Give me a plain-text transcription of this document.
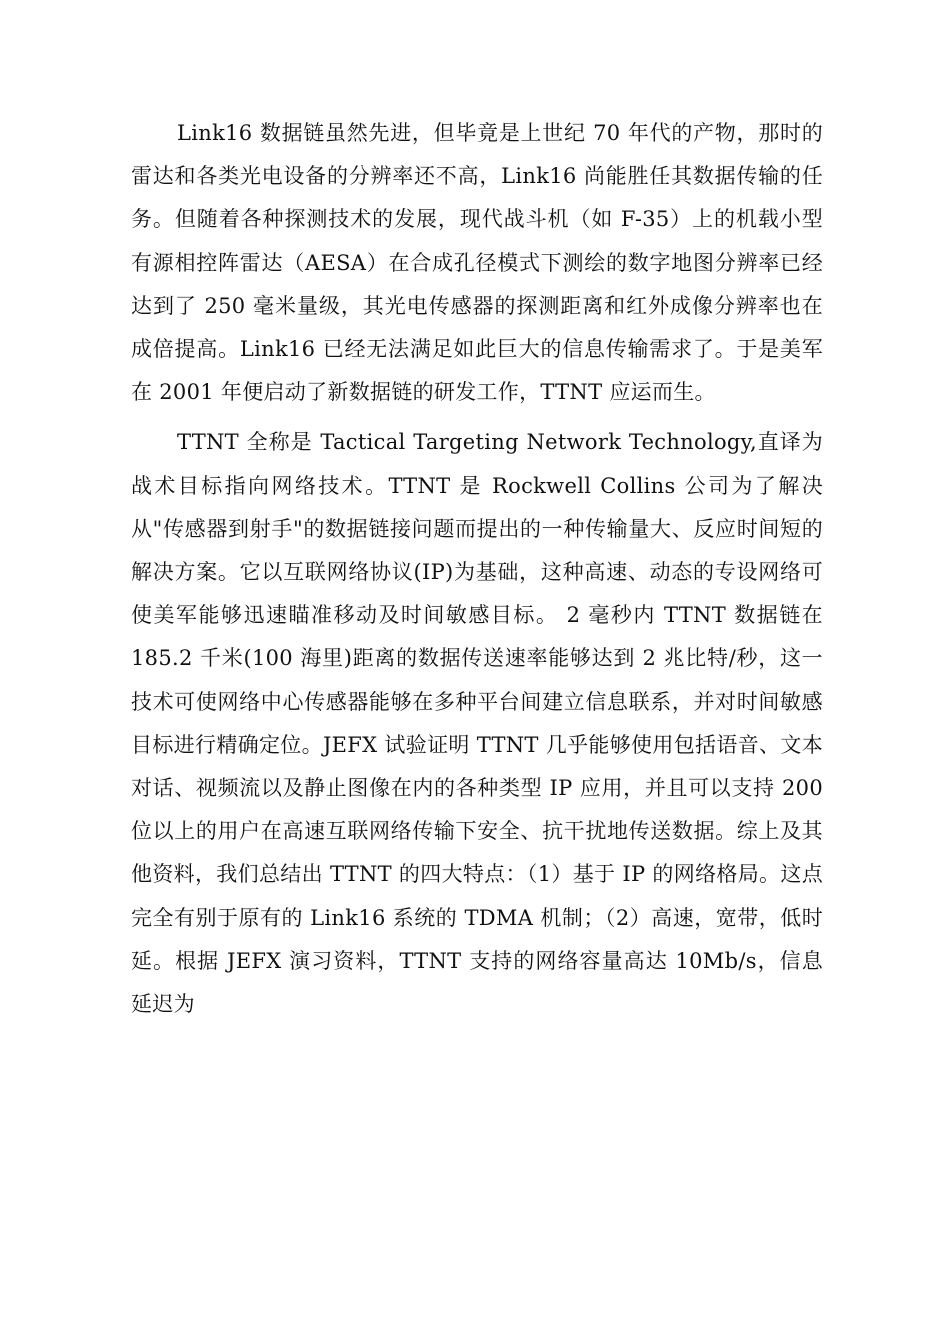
Link16 数据链虽然先进，但毕竟是上世纪 70 年代的产物，那时的雷达和各类光电设备的分辨率还不高，Link16 尚能胜任其数据传输的任务。但随着各种探测技术的发展，现代战斗机（如 F-35）上的机载小型有源相控阵雷达（AESA）在合成孔径模式下测绘的数字地图分辨率已经达到了 250 毫米量级，其光电传感器的探测距离和红外成像分辨率也在成倍提高。Link16 已经无法满足如此巨大的信息传输需求了。于是美军在 2001 年便启动了新数据链的研发工作，TTNT 应运而生。

TTNT 全称是 Tactical Targeting Network Technology,直译为战术目标指向网络技术。TTNT 是 Rockwell Collins 公司为了解决从"传感器到射手"的数据链接问题而提出的一种传输量大、反应时间短的解决方案。它以互联网络协议(IP)为基础，这种高速、动态的专设网络可使美军能够迅速瞄准移动及时间敏感目标。 2 毫秒内 TTNT 数据链在 185.2 千米(100 海里)距离的数据传送速率能够达到 2 兆比特/秒，这一技术可使网络中心传感器能够在多种平台间建立信息联系，并对时间敏感目标进行精确定位。JEFX 试验证明 TTNT 几乎能够使用包括语音、文本对话、视频流以及静止图像在内的各种类型 IP 应用，并且可以支持 200 位以上的用户在高速互联网络传输下安全、抗干扰地传送数据。综上及其他资料，我们总结出 TTNT 的四大特点：（1）基于 IP 的网络格局。这点完全有别于原有的 Link16 系统的 TDMA 机制；（2）高速，宽带，低时延。根据 JEFX 演习资料，TTNT 支持的网络容量高达 10Mb/s，信息延迟为
